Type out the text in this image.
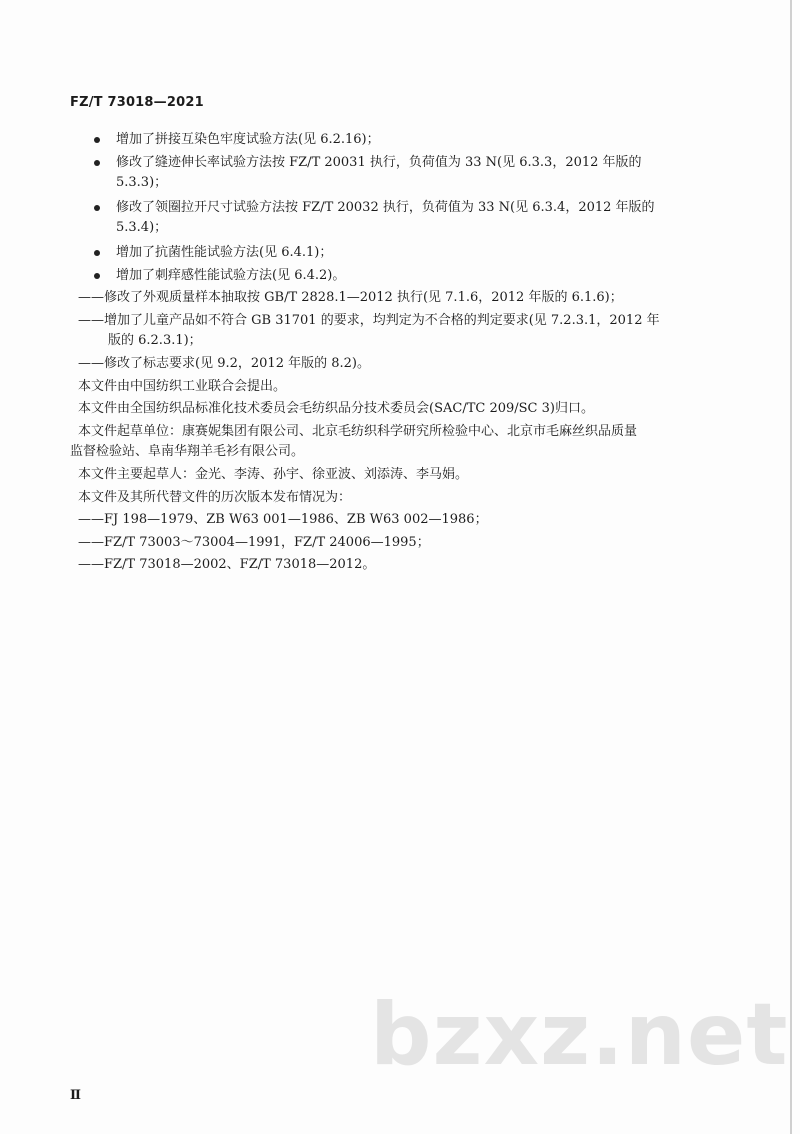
FZ/T 73018—2021
增加了拼接互染色牢度试验方法(见 6.2.16)；
修改了缝迹伸长率试验方法按 FZ/T 20031 执行，负荷值为 33 N(见 6.3.3，2012 年版的
5.3.3)；
修改了领圈拉开尺寸试验方法按 FZ/T 20032 执行，负荷值为 33 N(见 6.3.4，2012 年版的
5.3.4)；
增加了抗菌性能试验方法(见 6.4.1)；
增加了刺痒感性能试验方法(见 6.4.2)。
——修改了外观质量样本抽取按 GB/T 2828.1—2012 执行(见 7.1.6，2012 年版的 6.1.6)；
——增加了儿童产品如不符合 GB 31701 的要求，均判定为不合格的判定要求(见 7.2.3.1，2012 年
版的 6.2.3.1)；
——修改了标志要求(见 9.2，2012 年版的 8.2)。
本文件由中国纺织工业联合会提出。
本文件由全国纺织品标准化技术委员会毛纺织品分技术委员会(SAC/TC 209/SC 3)归口。
本文件起草单位：康赛妮集团有限公司、北京毛纺织科学研究所检验中心、北京市毛麻丝织品质量
监督检验站、阜南华翔羊毛衫有限公司。
本文件主要起草人：金光、李涛、孙宇、徐亚波、刘添涛、李马娟。
本文件及其所代替文件的历次版本发布情况为：
——FJ 198—1979、ZB W63 001—1986、ZB W63 002—1986；
——FZ/T 73003～73004—1991，FZ/T 24006—1995；
——FZ/T 73018—2002、FZ/T 73018—2012。
bzxz.net
Ⅱ
